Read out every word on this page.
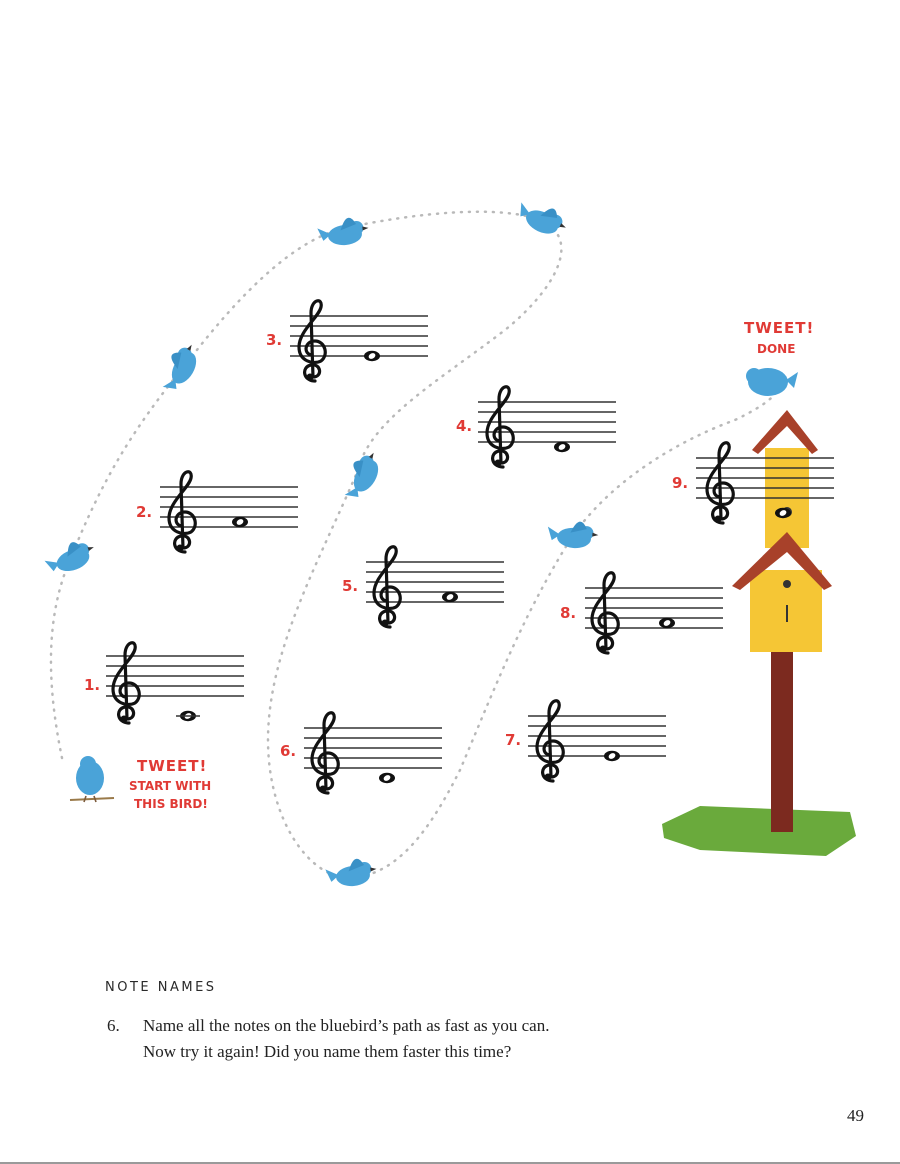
1.
2.
3.
4.
5.
6.
7.
8.
9.
TWEET!
START WITH
THIS BIRD!
TWEET!
DONE
NOTE NAMES
6. Name all the notes on the bluebird’s path as fast as you can.
Now try it again! Did you name them faster this time?
49
